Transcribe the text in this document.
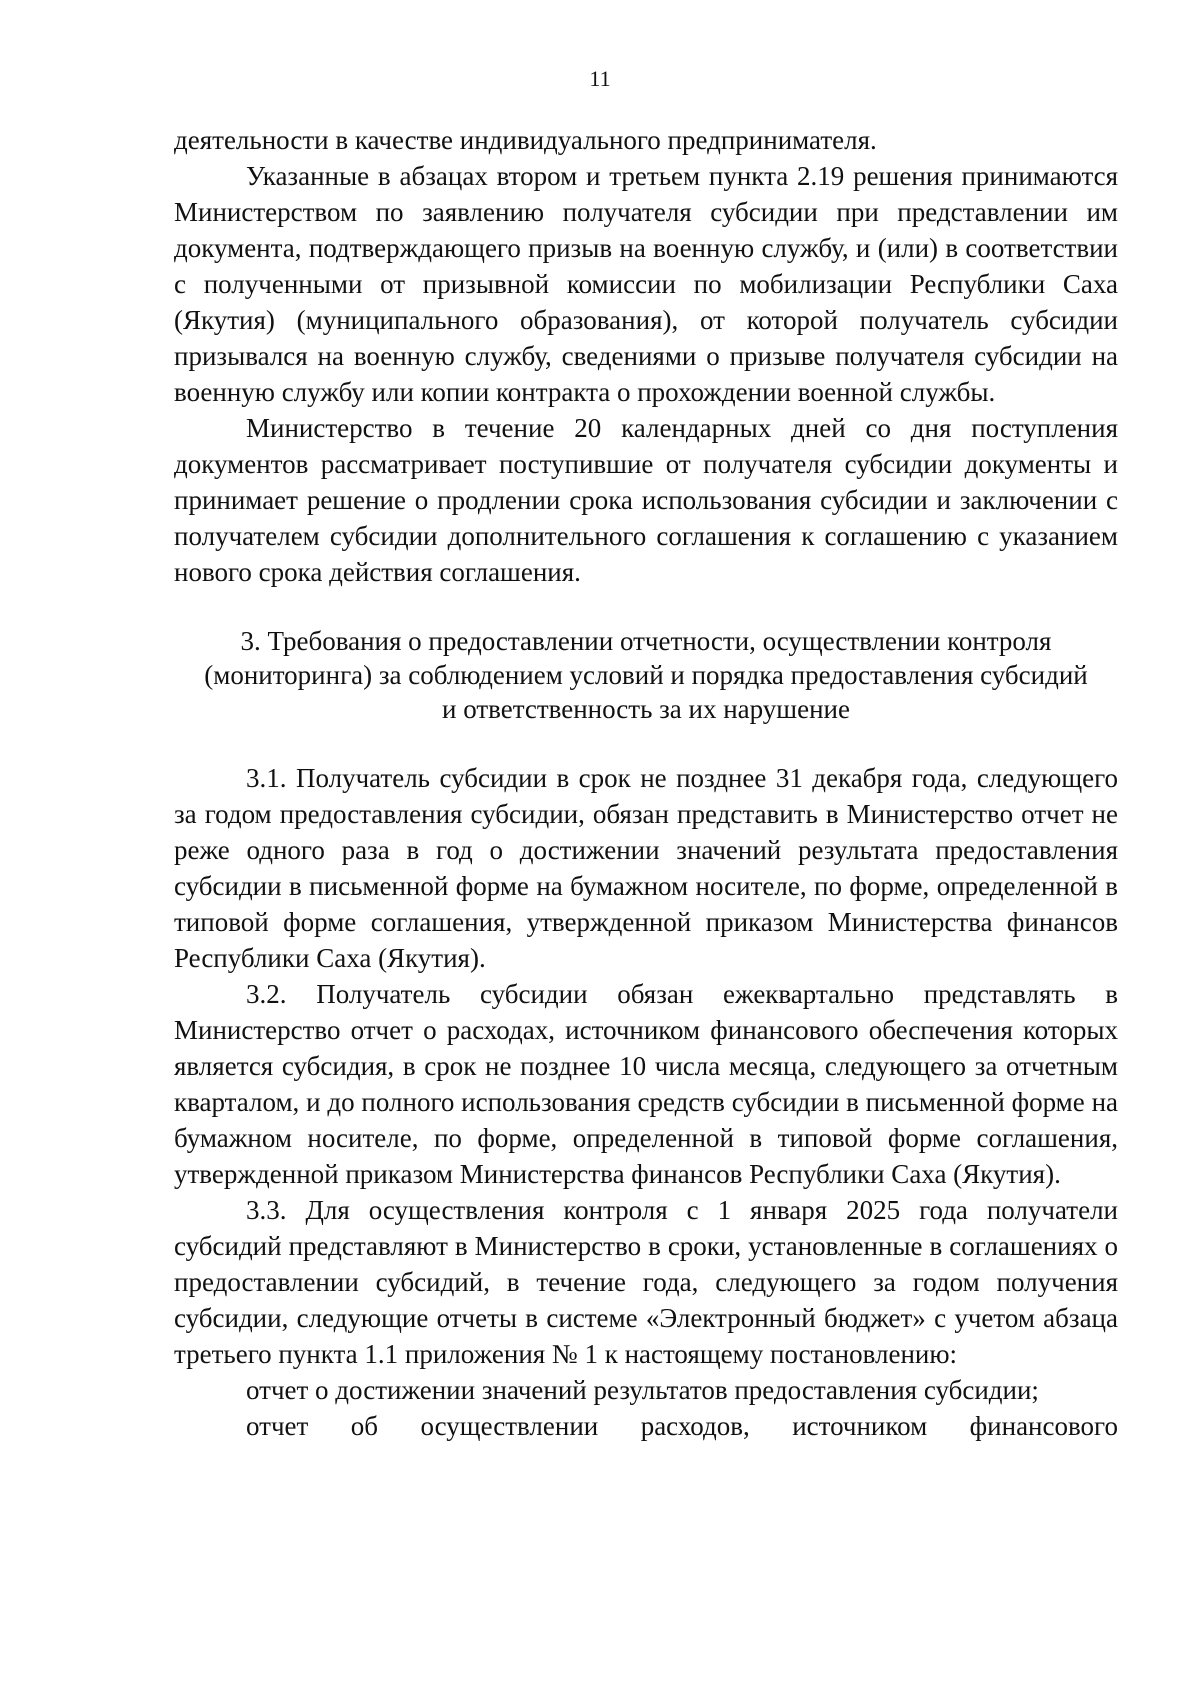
11

деятельности в качестве индивидуального предпринимателя.

Указанные в абзацах втором и третьем пункта 2.19 решения принимаются Министерством по заявлению получателя субсидии при представлении им документа, подтверждающего призыв на военную службу, и (или) в соответствии с полученными от призывной комиссии по мобилизации Республики Саха (Якутия) (муниципального образования), от которой получатель субсидии призывался на военную службу, сведениями о призыве получателя субсидии на военную службу или копии контракта о прохождении военной службы.

Министерство в течение 20 календарных дней со дня поступления документов рассматривает поступившие от получателя субсидии документы и принимает решение о продлении срока использования субсидии и заключении с получателем субсидии дополнительного соглашения к соглашению с указанием нового срока действия соглашения.

3. Требования о предоставлении отчетности, осуществлении контроля
(мониторинга) за соблюдением условий и порядка предоставления субсидий
и ответственность за их нарушение

3.1. Получатель субсидии в срок не позднее 31 декабря года, следующего за годом предоставления субсидии, обязан представить в Министерство отчет не реже одного раза в год о достижении значений результата предоставления субсидии в письменной форме на бумажном носителе, по форме, определенной в типовой форме соглашения, утвержденной приказом Министерства финансов Республики Саха (Якутия).

3.2. Получатель субсидии обязан ежеквартально представлять в Министерство отчет о расходах, источником финансового обеспечения которых является субсидия, в срок не позднее 10 числа месяца, следующего за отчетным кварталом, и до полного использования средств субсидии в письменной форме на бумажном носителе, по форме, определенной в типовой форме соглашения, утвержденной приказом Министерства финансов Республики Саха (Якутия).

3.3. Для осуществления контроля с 1 января 2025 года получатели субсидий представляют в Министерство в сроки, установленные в соглашениях о предоставлении субсидий, в течение года, следующего за годом получения субсидии, следующие отчеты в системе «Электронный бюджет» с учетом абзаца третьего пункта 1.1 приложения № 1 к настоящему постановлению:

отчет о достижении значений результатов предоставления субсидии;

отчет об осуществлении расходов, источником финансового
